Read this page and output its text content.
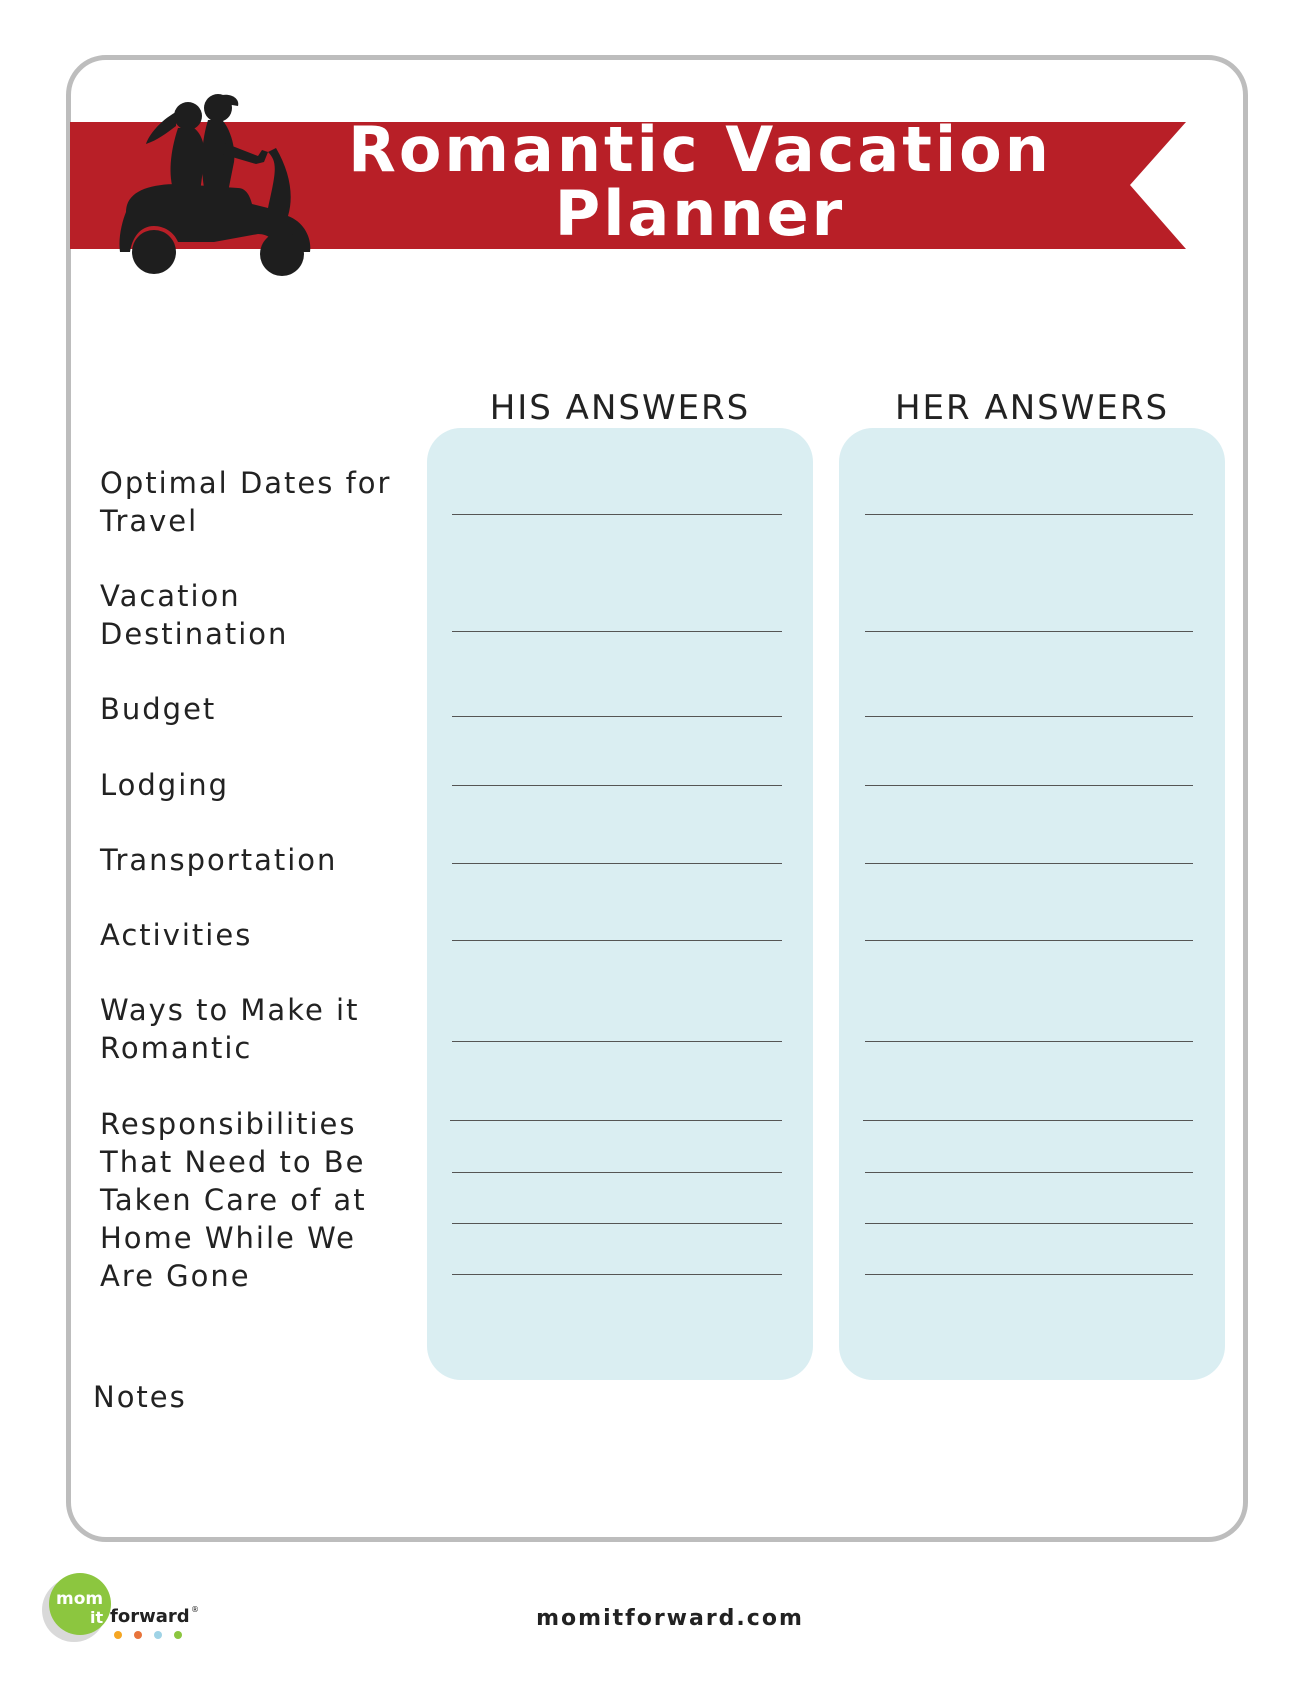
Romantic Vacation
Planner
HIS ANSWERS	HER ANSWERS
Optimal Dates for
Travel
Vacation
Destination
Budget
Lodging
Transportation
Activities
Ways to Make it
Romantic
Responsibilities
That Need to Be
Taken Care of at
Home While We
Are Gone
Notes
mom
it forward ®	momitforward.com
